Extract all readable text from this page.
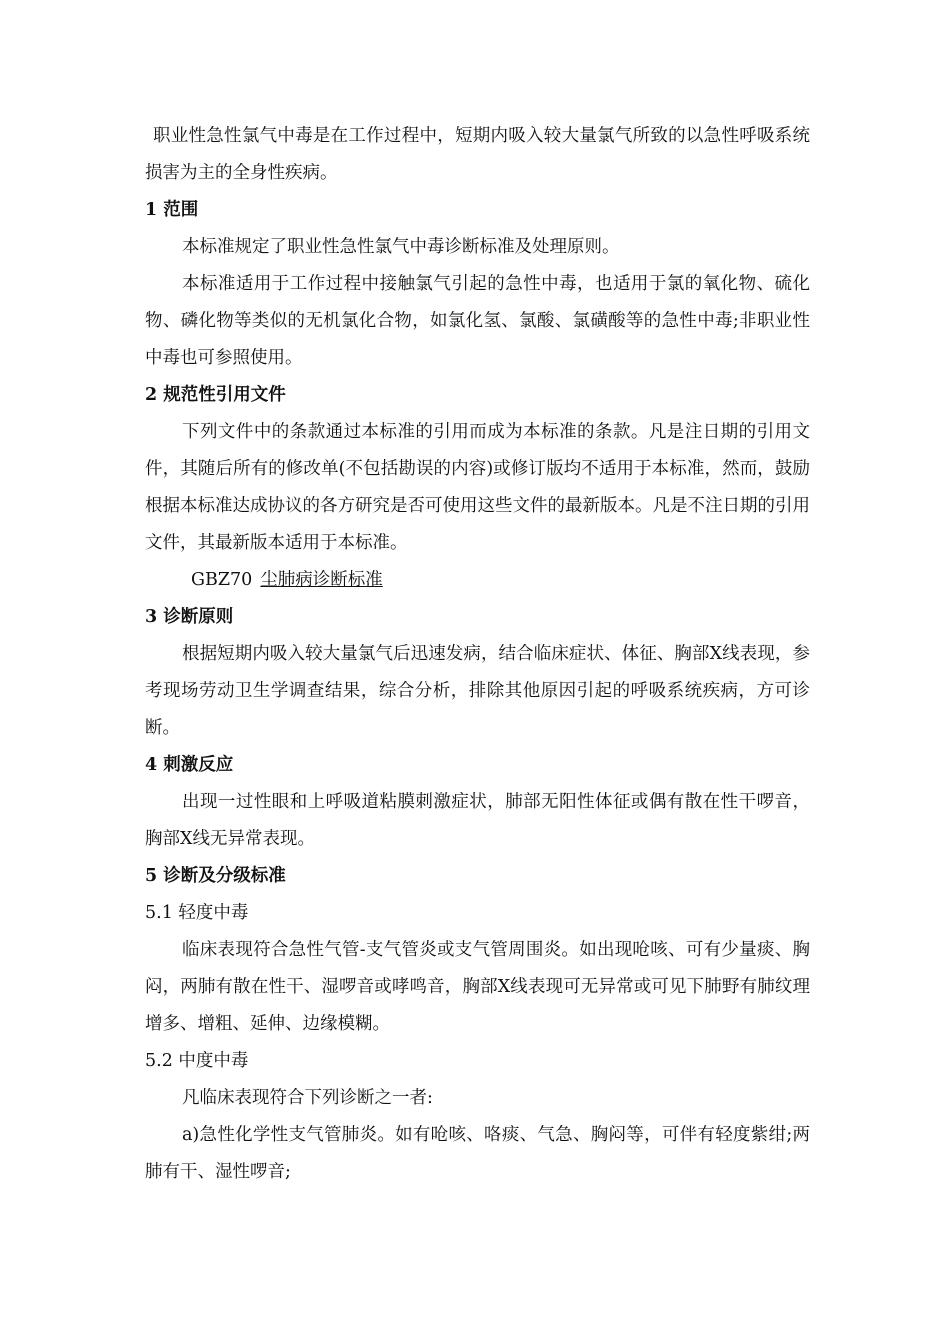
职业性急性氯气中毒是在工作过程中，短期内吸入较大量氯气所致的以急性呼吸系统损害为主的全身性疾病。

1 范围

本标准规定了职业性急性氯气中毒诊断标准及处理原则。

本标准适用于工作过程中接触氯气引起的急性中毒，也适用于氯的氧化物、硫化物、磷化物等类似的无机氯化合物，如氯化氢、氯酸、氯磺酸等的急性中毒;非职业性中毒也可参照使用。

2 规范性引用文件

下列文件中的条款通过本标准的引用而成为本标准的条款。凡是注日期的引用文件，其随后所有的修改单(不包括勘误的内容)或修订版均不适用于本标准，然而，鼓励根据本标准达成协议的各方研究是否可使用这些文件的最新版本。凡是不注日期的引用文件，其最新版本适用于本标准。

GBZ70 尘肺病诊断标准

3 诊断原则

根据短期内吸入较大量氯气后迅速发病，结合临床症状、体征、胸部X线表现，参考现场劳动卫生学调查结果，综合分析，排除其他原因引起的呼吸系统疾病，方可诊断。

4 刺激反应

出现一过性眼和上呼吸道粘膜刺激症状，肺部无阳性体征或偶有散在性干啰音，胸部X线无异常表现。

5 诊断及分级标准

5.1 轻度中毒

临床表现符合急性气管-支气管炎或支气管周围炎。如出现呛咳、可有少量痰、胸闷，两肺有散在性干、湿啰音或哮鸣音，胸部X线表现可无异常或可见下肺野有肺纹理增多、增粗、延伸、边缘模糊。

5.2 中度中毒

凡临床表现符合下列诊断之一者:

a)急性化学性支气管肺炎。如有呛咳、咯痰、气急、胸闷等，可伴有轻度紫绀;两肺有干、湿性啰音;
